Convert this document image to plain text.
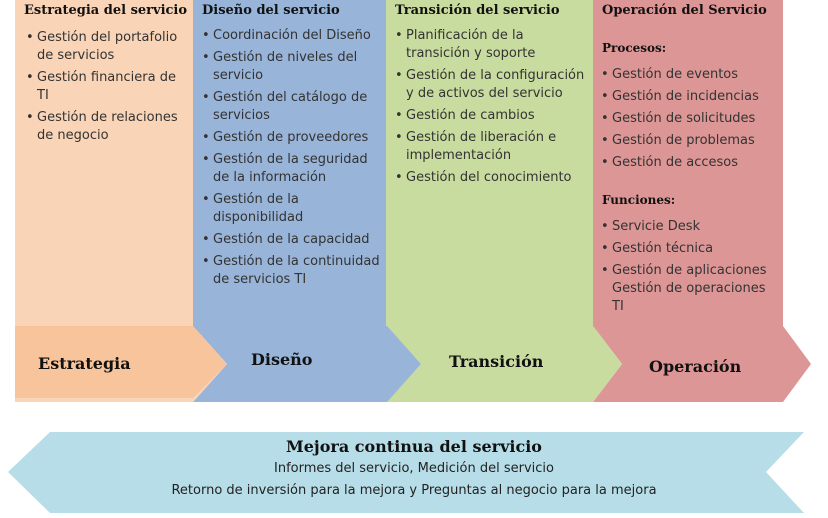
Estrategia del servicio
• Gestión del portafolio de servicios
• Gestión financiera de TI
• Gestión de relaciones de negocio
Diseño del servicio
• Coordinación del Diseño
• Gestión de niveles del servicio
• Gestión del catálogo de servicios
• Gestión de proveedores
• Gestión de la seguridad de la información
• Gestión de la disponibilidad
• Gestión de la capacidad
• Gestión de la continuidad de servicios TI
Transición del servicio
• Planificación de la transición y soporte
• Gestión de la configuración y de activos del servicio
• Gestión de cambios
• Gestión de liberación e implementación
• Gestión del conocimiento
Operación del Servicio
Procesos:
• Gestión de eventos
• Gestión de incidencias
• Gestión de solicitudes
• Gestión de problemas
• Gestión de accesos
Funciones:
• Servicie Desk
• Gestión técnica
• Gestión de aplicaciones Gestión de operaciones TI
Estrategia	Diseño	Transición	Operación
Mejora continua del servicio
Informes del servicio, Medición del servicio
Retorno de inversión para la mejora y Preguntas al negocio para la mejora
